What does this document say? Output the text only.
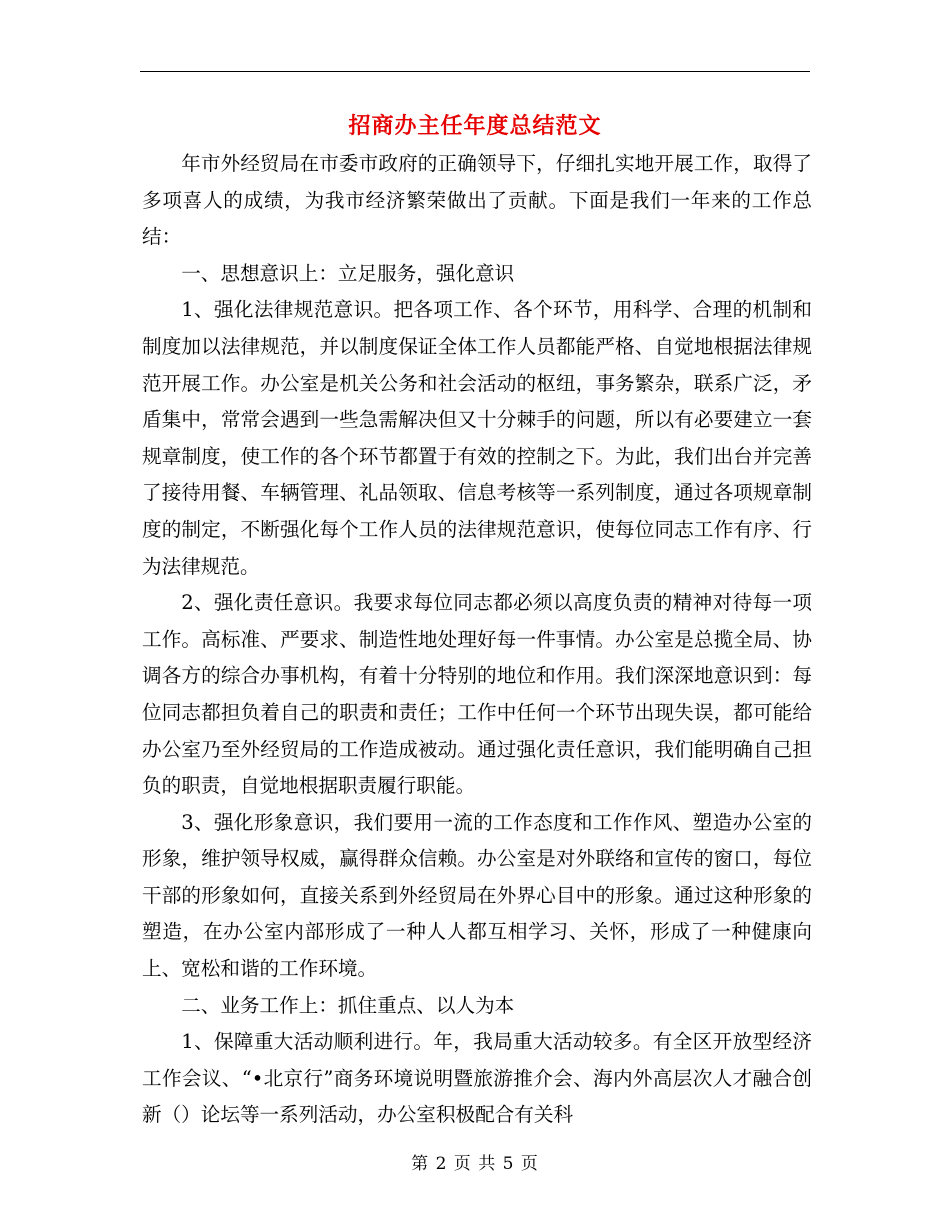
招商办主任年度总结范文

年市外经贸局在市委市政府的正确领导下，仔细扎实地开展工作，取得了多项喜人的成绩，为我市经济繁荣做出了贡献。下面是我们一年来的工作总结：

一、思想意识上：立足服务，强化意识

1、强化法律规范意识。把各项工作、各个环节，用科学、合理的机制和制度加以法律规范，并以制度保证全体工作人员都能严格、自觉地根据法律规范开展工作。办公室是机关公务和社会活动的枢纽，事务繁杂，联系广泛，矛盾集中，常常会遇到一些急需解决但又十分棘手的问题，所以有必要建立一套规章制度，使工作的各个环节都置于有效的控制之下。为此，我们出台并完善了接待用餐、车辆管理、礼品领取、信息考核等一系列制度，通过各项规章制度的制定，不断强化每个工作人员的法律规范意识，使每位同志工作有序、行为法律规范。

2、强化责任意识。我要求每位同志都必须以高度负责的精神对待每一项工作。高标准、严要求、制造性地处理好每一件事情。办公室是总揽全局、协调各方的综合办事机构，有着十分特别的地位和作用。我们深深地意识到：每位同志都担负着自己的职责和责任；工作中任何一个环节出现失误，都可能给办公室乃至外经贸局的工作造成被动。通过强化责任意识，我们能明确自己担负的职责，自觉地根据职责履行职能。

3、强化形象意识，我们要用一流的工作态度和工作作风、塑造办公室的形象，维护领导权威，赢得群众信赖。办公室是对外联络和宣传的窗口，每位干部的形象如何，直接关系到外经贸局在外界心目中的形象。通过这种形象的塑造，在办公室内部形成了一种人人都互相学习、关怀，形成了一种健康向上、宽松和谐的工作环境。

二、业务工作上：抓住重点、以人为本

1、保障重大活动顺利进行。年，我局重大活动较多。有全区开放型经济工作会议、“•北京行”商务环境说明暨旅游推介会、海内外高层次人才融合创新（）论坛等一系列活动，办公室积极配合有关科

第 2 页 共 5 页
